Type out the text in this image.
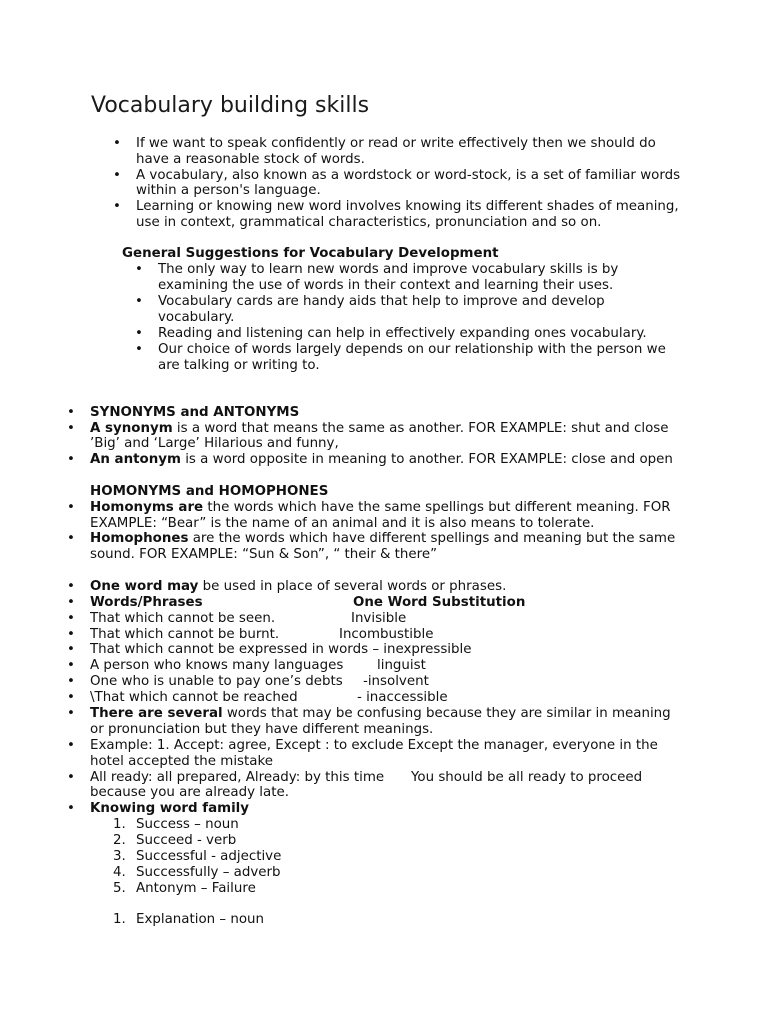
Vocabulary building skills
•
If we want to speak confidently or read or write effectively then we should do
have a reasonable stock of words.
•
A vocabulary, also known as a wordstock or word-stock, is a set of familiar words
within a person's language.
•
Learning or knowing new word involves knowing its different shades of meaning,
use in context, grammatical characteristics, pronunciation and so on.
General Suggestions for Vocabulary Development
•
The only way to learn new words and improve vocabulary skills is by
examining the use of words in their context and learning their uses.
•
Vocabulary cards are handy aids that help to improve and develop
vocabulary.
•
Reading and listening can help in effectively expanding ones vocabulary.
•
Our choice of words largely depends on our relationship with the person we
are talking or writing to.
•
SYNONYMS and ANTONYMS
•
A synonym is a word that means the same as another. FOR EXAMPLE: shut and close
’Big’ and ‘Large’ Hilarious and funny,
•
An antonym is a word opposite in meaning to another. FOR EXAMPLE: close and open
HOMONYMS and HOMOPHONES
•
Homonyms are the words which have the same spellings but different meaning. FOR
EXAMPLE: “Bear” is the name of an animal and it is also means to tolerate.
•
Homophones are the words which have different spellings and meaning but the same
sound. FOR EXAMPLE: “Sun & Son”, “ their & there”
•
One word may be used in place of several words or phrases.
•
Words/Phrases	One Word Substitution
•
That which cannot be seen.	Invisible
•
That which cannot be burnt.	Incombustible
•
That which cannot be expressed in words – inexpressible
•
A person who knows many languages	linguist
•
One who is unable to pay one’s debts -insolvent
•
\That which cannot be reached	- inaccessible
•
There are several words that may be confusing because they are similar in meaning
or pronunciation but they have different meanings.
•
Example: 1. Accept: agree, Except : to exclude Except the manager, everyone in the
hotel accepted the mistake
•
All ready: all prepared, Already: by this time You should be all ready to proceed
because you are already late.
•
Knowing word family
1. Success – noun
2. Succeed - verb
3. Successful - adjective
4. Successfully – adverb
5. Antonym – Failure
1. Explanation – noun
